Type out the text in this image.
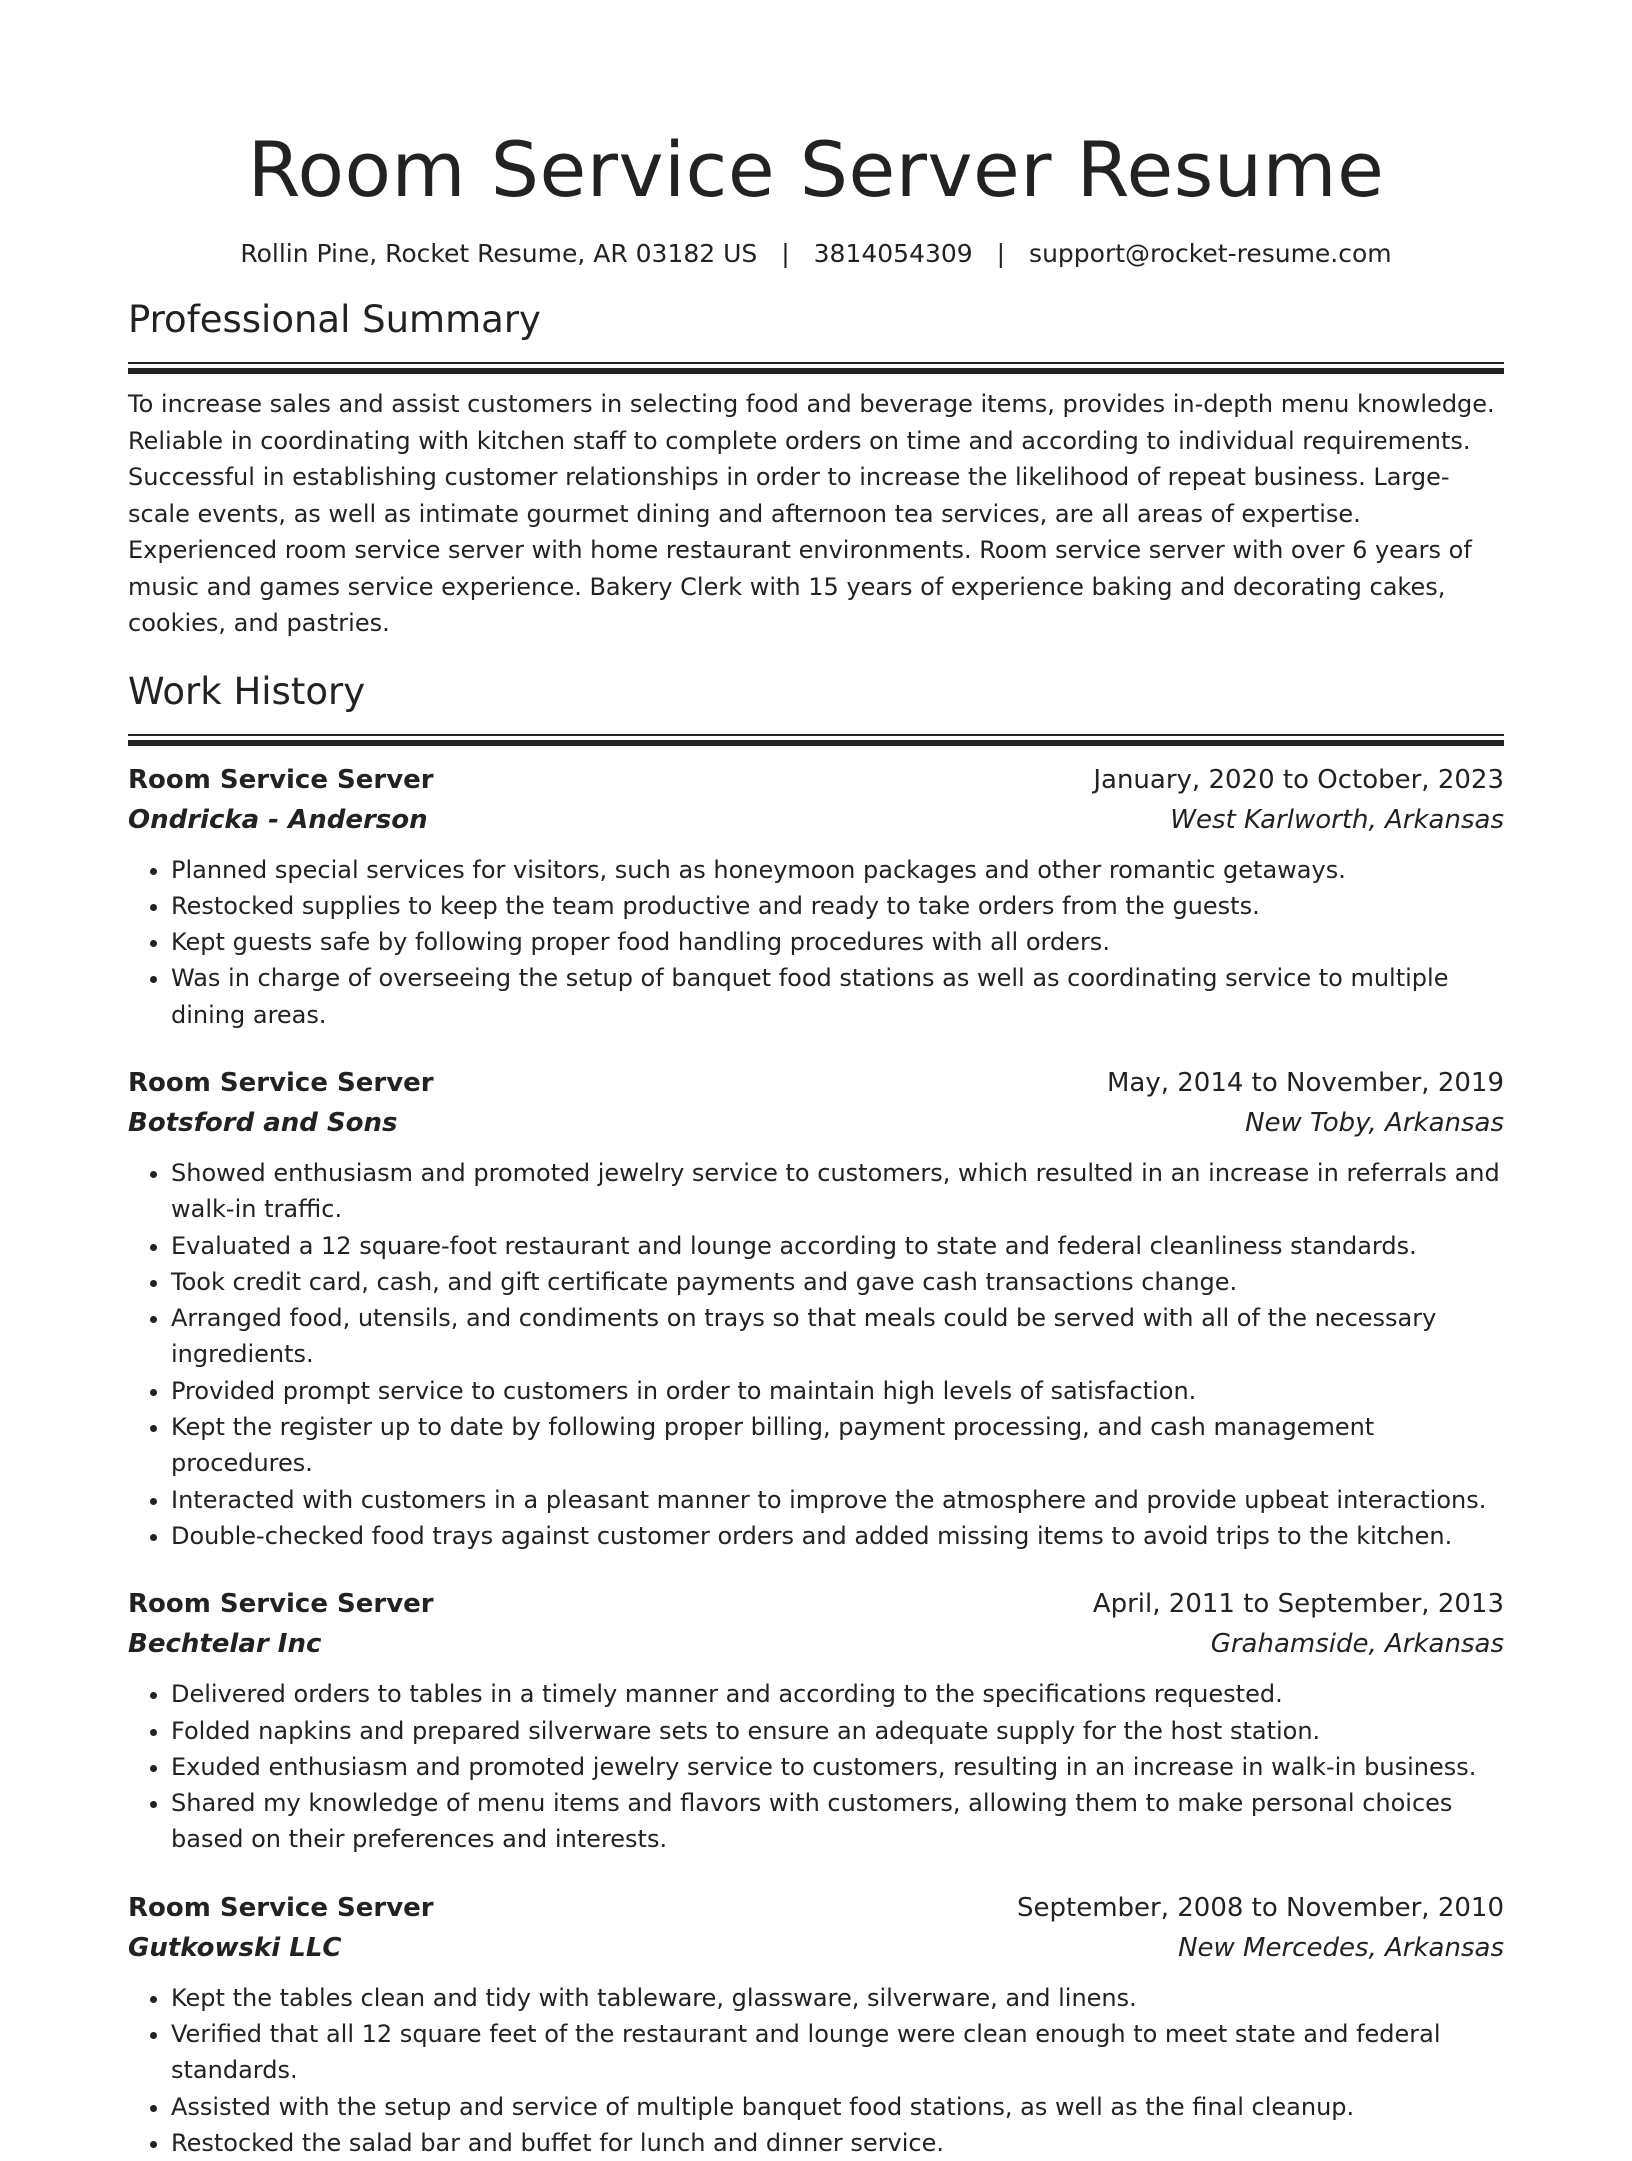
Room Service Server Resume
Rollin Pine, Rocket Resume, AR 03182 US | 3814054309 | support@rocket-resume.com
Professional Summary

To increase sales and assist customers in selecting food and beverage items, provides in-depth menu knowledge. Reliable in coordinating with kitchen staff to complete orders on time and according to individual requirements. Successful in establishing customer relationships in order to increase the likelihood of repeat business. Large-scale events, as well as intimate gourmet dining and afternoon tea services, are all areas of expertise. Experienced room service server with home restaurant environments. Room service server with over 6 years of music and games service experience. Bakery Clerk with 15 years of experience baking and decorating cakes, cookies, and pastries.

Work History
Room Service Server	January, 2020 to October, 2023
Ondricka - Anderson	West Karlworth, Arkansas
• Planned special services for visitors, such as honeymoon packages and other romantic getaways.
• Restocked supplies to keep the team productive and ready to take orders from the guests.
• Kept guests safe by following proper food handling procedures with all orders.
• Was in charge of overseeing the setup of banquet food stations as well as coordinating service to multiple dining areas.
Room Service Server	May, 2014 to November, 2019
Botsford and Sons	New Toby, Arkansas
• Showed enthusiasm and promoted jewelry service to customers, which resulted in an increase in referrals and walk-in traffic.
• Evaluated a 12 square-foot restaurant and lounge according to state and federal cleanliness standards.
• Took credit card, cash, and gift certificate payments and gave cash transactions change.
• Arranged food, utensils, and condiments on trays so that meals could be served with all of the necessary ingredients.
• Provided prompt service to customers in order to maintain high levels of satisfaction.
• Kept the register up to date by following proper billing, payment processing, and cash management procedures.
• Interacted with customers in a pleasant manner to improve the atmosphere and provide upbeat interactions.
• Double-checked food trays against customer orders and added missing items to avoid trips to the kitchen.
Room Service Server	April, 2011 to September, 2013
Bechtelar Inc	Grahamside, Arkansas
• Delivered orders to tables in a timely manner and according to the specifications requested.
• Folded napkins and prepared silverware sets to ensure an adequate supply for the host station.
• Exuded enthusiasm and promoted jewelry service to customers, resulting in an increase in walk-in business.
• Shared my knowledge of menu items and flavors with customers, allowing them to make personal choices based on their preferences and interests.
Room Service Server	September, 2008 to November, 2010
Gutkowski LLC	New Mercedes, Arkansas
• Kept the tables clean and tidy with tableware, glassware, silverware, and linens.
• Verified that all 12 square feet of the restaurant and lounge were clean enough to meet state and federal standards.
• Assisted with the setup and service of multiple banquet food stations, as well as the final cleanup.
• Restocked the salad bar and buffet for lunch and dinner service.
